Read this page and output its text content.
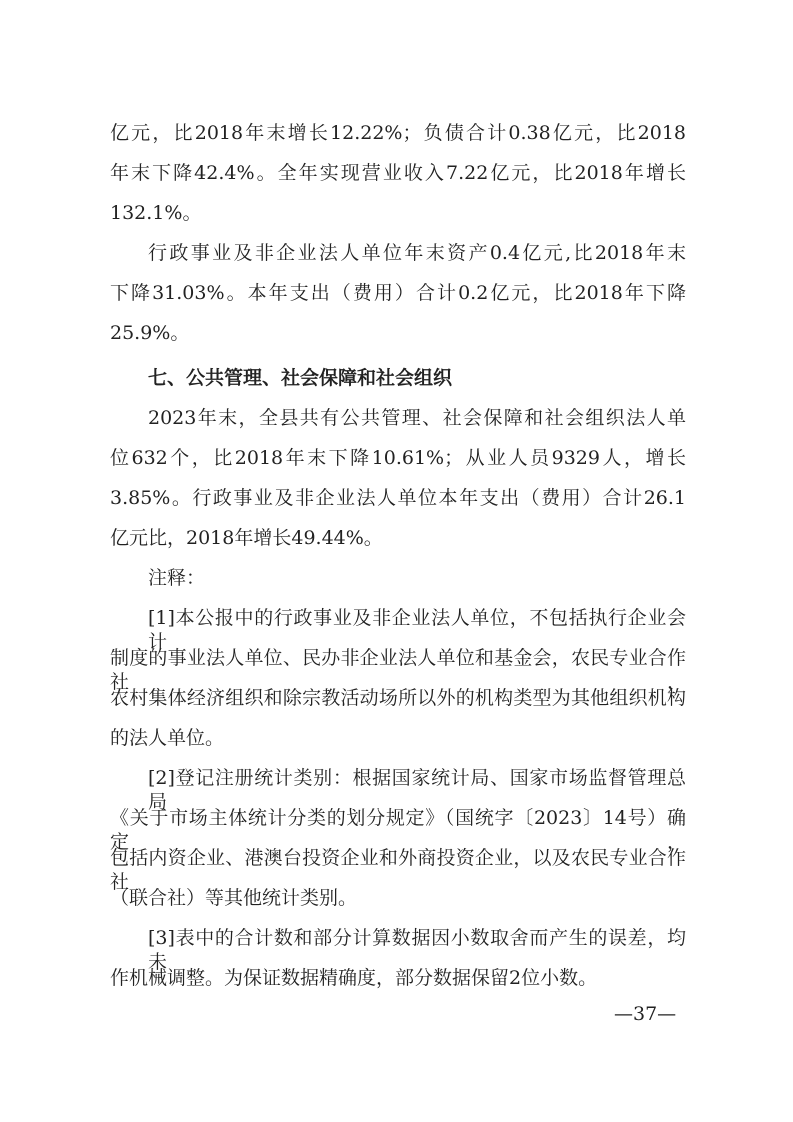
亿元，比2018年末增长12.22%；负债合计0.38亿元，比2018
年末下降42.4%。全年实现营业收入7.22亿元，比2018年增长
132.1%。
行政事业及非企业法人单位年末资产0.4亿元,比2018年末
下降31.03%。本年支出（费用）合计0.2亿元，比2018年下降
25.9%。
七、公共管理、社会保障和社会组织
2023年末，全县共有公共管理、社会保障和社会组织法人单
位632个，比2018年末下降10.61%；从业人员9329人，增长
3.85%。行政事业及非企业法人单位本年支出（费用）合计26.1
亿元比，2018年增长49.44%。
注释：
[1]本公报中的行政事业及非企业法人单位，不包括执行企业会计
制度的事业法人单位、民办非企业法人单位和基金会，农民专业合作社，
农村集体经济组织和除宗教活动场所以外的机构类型为其他组织机构
的法人单位。
[2]登记注册统计类别：根据国家统计局、国家市场监督管理总局
《关于市场主体统计分类的划分规定》（国统字〔2023〕14号）确定，
包括内资企业、港澳台投资企业和外商投资企业，以及农民专业合作社
（联合社）等其他统计类别。
[3]表中的合计数和部分计算数据因小数取舍而产生的误差，均未
作机械调整。为保证数据精确度，部分数据保留2位小数。
—37—
